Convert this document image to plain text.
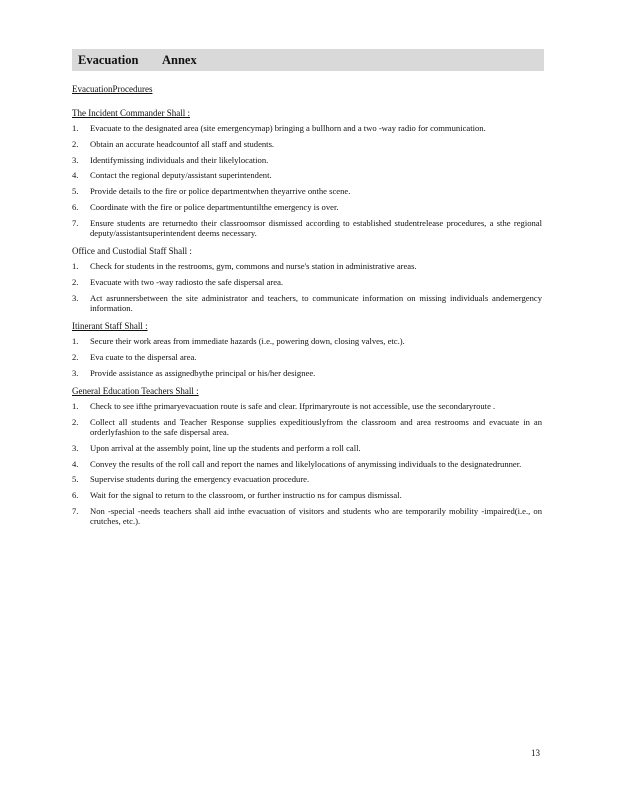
Evacuation Annex
EvacuationProcedures
The Incident Commander Shall :
1.	Evacuate to the designated area (site emergencymap) bringing a bullhorn and a two -way radio for communication.
2.	Obtain an accurate headcountof all staff and students.
3.	Identifymissing individuals and their likelylocation.
4.	Contact the regional deputy/assistant superintendent.
5.	Provide details to the fire or police departmentwhen theyarrive onthe scene.
6.	Coordinate with the fire or police departmentuntilthe emergency is over.
7.	Ensure students are returnedto their classroomsor dismissed according to established studentrelease procedures, a sthe regional deputy/assistantsuperintendent deems necessary.
Office and Custodial Staff Shall :
1.	Check for students in the restrooms, gym, commons and nurse's station in administrative areas.
2.	Evacuate with two -way radiosto the safe dispersal area.
3.	Act asrunnersbetween the site administrator and teachers, to communicate information on missing individuals andemergency information.
Itinerant Staff Shall :
1.	Secure their work areas from immediate hazards (i.e., powering down, closing valves, etc.).
2.	Eva cuate to the dispersal area.
3.	Provide assistance as assignedbythe principal or his/her designee.
General Education Teachers Shall :
1.	Check to see ifthe primaryevacuation route is safe and clear. Ifprimaryroute is not accessible, use the secondaryroute .
2.	Collect all students and Teacher Response supplies expeditiouslyfrom the classroom and area restrooms and evacuate in an orderlyfashion to the safe dispersal area.
3.	Upon arrival at the assembly point, line up the students and perform a roll call.
4.	Convey the results of the roll call and report the names and likelylocations of anymissing individuals to the designatedrunner.
5.	Supervise students during the emergency evacuation procedure.
6.	Wait for the signal to return to the classroom, or further instructio ns for campus dismissal.
7.	Non -special -needs teachers shall aid inthe evacuation of visitors and students who are temporarily mobility -impaired(i.e., on crutches, etc.).
13
